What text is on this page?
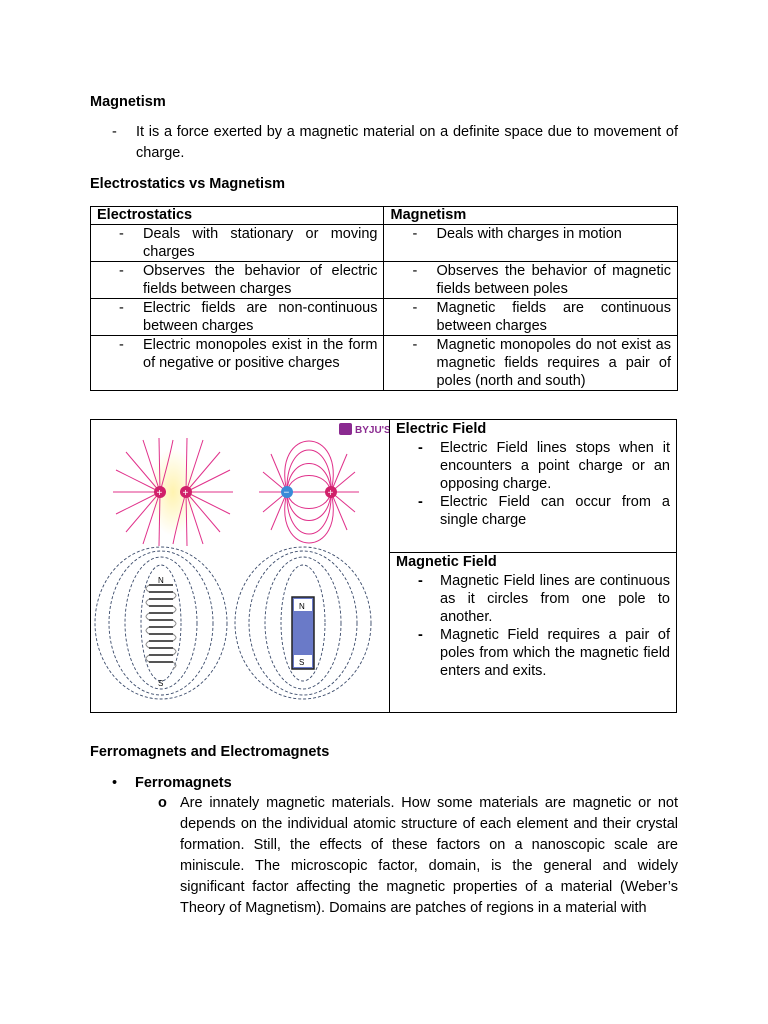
Magnetism
- It is a force exerted by a magnetic material on a definite space due to movement of charge.
Electrostatics vs Magnetism
Electrostatics	Magnetism

- Deals with stationary or moving charges	- Deals with charges in motion

- Observes the behavior of electric fields between charges	- Observes the behavior of magnetic fields between poles

- Electric fields are non-continuous between charges	- Magnetic fields are continuous between charges

- Electric monopoles exist in the form of negative or positive charges	- Magnetic monopoles do not exist as magnetic fields requires a pair of poles (north and south)
BYJU'S
+ +	−	+
N
S
N
S
Electric Field
- Electric Field lines stops when it encounters a point charge or an opposing charge.
- Electric Field can occur from a single charge
Magnetic Field
- Magnetic Field lines are continuous as it circles from one pole to another.
- Magnetic Field requires a pair of poles from which the magnetic field enters and exits.
Ferromagnets and Electromagnets
• Ferromagnets
o Are innately magnetic materials. How some materials are magnetic or not depends on the individual atomic structure of each element and their crystal formation. Still, the effects of these factors on a nanoscopic scale are miniscule. The microscopic factor, domain, is the general and widely significant factor affecting the magnetic properties of a material (Weber’s Theory of Magnetism). Domains are patches of regions in a material with
